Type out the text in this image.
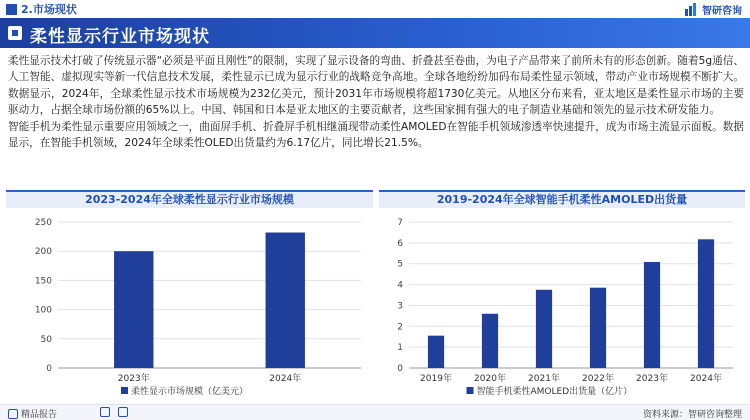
2.市场现状	智研咨询
柔性显示行业市场现状

柔性显示技术打破了传统显示器“必须是平面且刚性”的限制，实现了显示设备的弯曲、折叠甚至卷曲，为电子产品带来了前所未有的形态创新。随着5g通信、人工智能、虚拟现实等新一代信息技术发展，柔性显示已成为显示行业的战略竞争高地。全球各地纷纷加码布局柔性显示领域，带动产业市场规模不断扩大。数据显示，2024年，全球柔性显示技术市场规模为232亿美元，预计2031年市场规模将超1730亿美元。从地区分布来看，亚太地区是柔性显示市场的主要驱动力，占据全球市场份额的65%以上。中国、韩国和日本是亚太地区的主要贡献者，这些国家拥有强大的电子制造业基础和领先的显示技术研发能力。

智能手机为柔性显示重要应用领域之一，曲面屏手机、折叠屏手机相继涌现带动柔性AMOLED在智能手机领域渗透率快速提升，成为市场主流显示面板。数据显示，在智能手机领域，2024年全球柔性OLED出货量约为6.17亿片，同比增长21.5%。

2023-2024年全球柔性显示行业市场规模
0
50
100
150
200
250
2023年	2024年
柔性显示市场规模（亿美元）
2019-2024年全球智能手机柔性AMOLED出货量
0
1
2
3
4
5
6
7
2019年 2020年 2021年 2022年 2023年 2024年
智能手机柔性AMOLED出货量（亿片）
精品报告	资料来源：智研咨询整理
